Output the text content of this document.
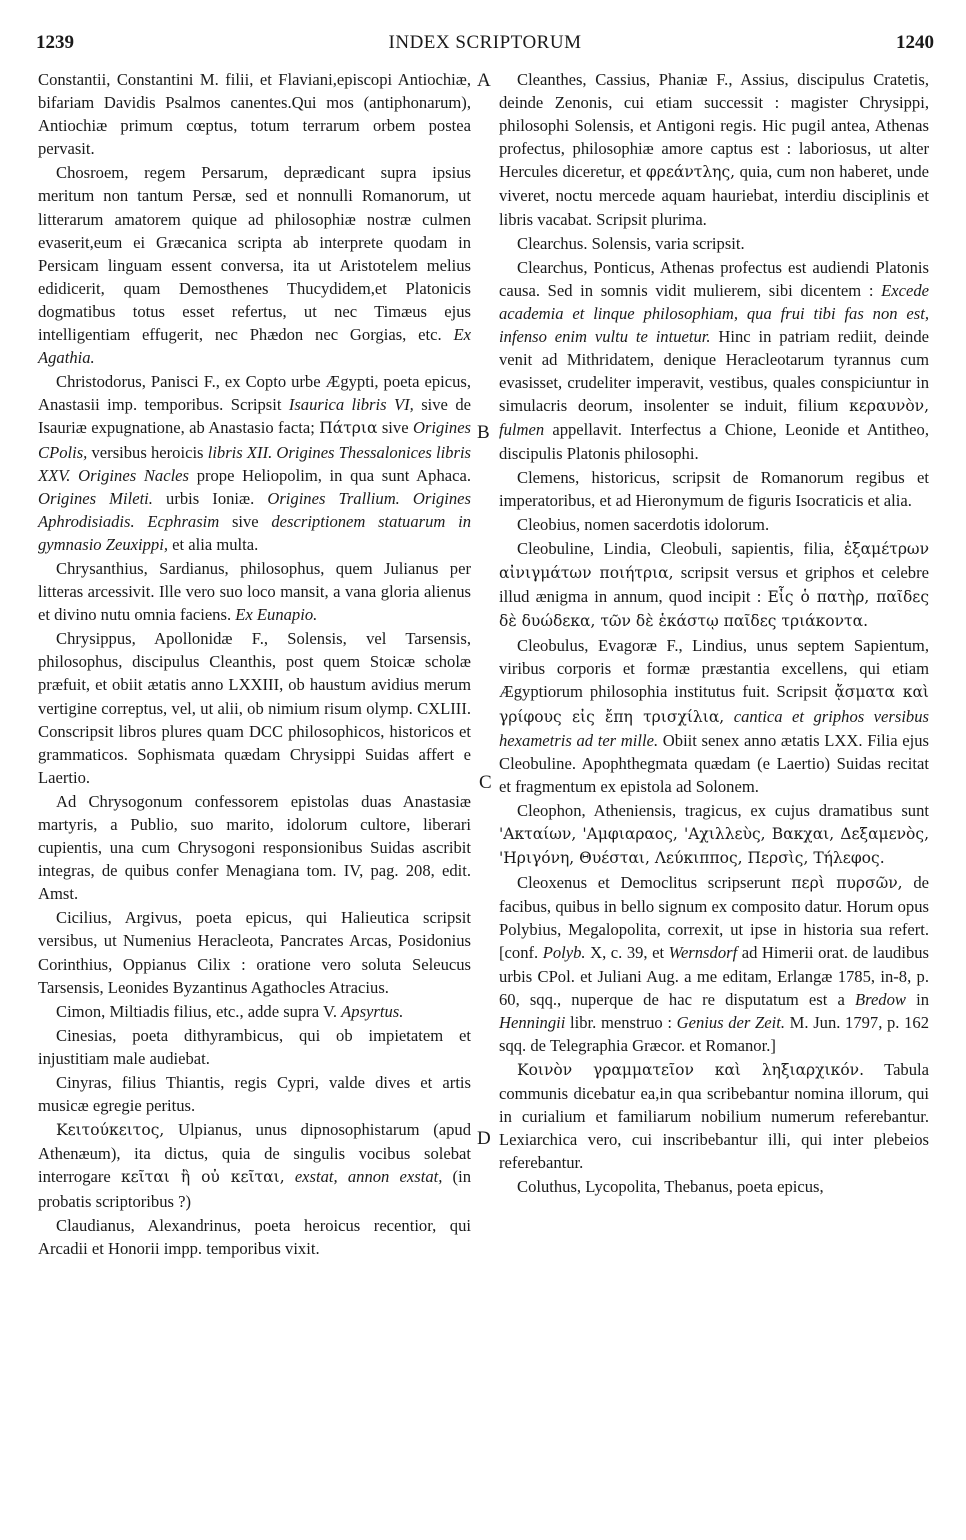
1239	INDEX SCRIPTORUM	1240
A
B
C
D

Constantii, Constantini M. filii, et Flaviani,episcopi Antiochiæ, bifariam Davidis Psalmos canentes.Qui mos (antiphonarum), Antiochiæ primum cœptus, totum terrarum orbem postea pervasit.

Chosroem, regem Persarum, deprædicant supra ipsius meritum non tantum Persæ, sed et nonnulli Romanorum, ut litterarum amatorem quique ad philosophiæ nostræ culmen evaserit,eum ei Græcanica scripta ab interprete quodam in Persicam linguam essent conversa, ita ut Aristotelem melius edidicerit, quam Demosthenes Thucydidem,et Platonicis dogmatibus totus esset refertus, ut nec Timæus ejus intelligentiam effugerit, nec Phædon nec Gorgias, etc. Ex Agathia.

Christodorus, Panisci F., ex Copto urbe Ægypti, poeta epicus, Anastasii imp. temporibus. Scripsit Isaurica libris VI, sive de Isauriæ expugnatione, ab Anastasio facta; Πάτρια sive Origines CPolis, versibus heroicis libris XII. Origines Thessalonices libris XXV. Origines Nacles prope Heliopolim, in qua sunt Aphaca. Origines Mileti. urbis Ioniæ. Origines Trallium. Origines Aphrodisiadis. Ecphrasim sive descriptionem statuarum in gymnasio Zeuxippi, et alia multa.

Chrysanthius, Sardianus, philosophus, quem Julianus per litteras arcessivit. Ille vero suo loco mansit, a vana gloria alienus et divino nutu omnia faciens. Ex Eunapio.

Chrysippus, Apollonidæ F., Solensis, vel Tarsensis, philosophus, discipulus Cleanthis, post quem Stoicæ scholæ præfuit, et obiit ætatis anno LXXIII, ob haustum avidius merum vertigine correptus, vel, ut alii, ob nimium risum olymp. CXLIII. Conscripsit libros plures quam DCC philosophicos, historicos et grammaticos. Sophismata quædam Chrysippi Suidas affert e Laertio.

Ad Chrysogonum confessorem epistolas duas Anastasiæ martyris, a Publio, suo marito, idolorum cultore, liberari cupientis, una cum Chrysogoni responsionibus Suidas ascribit integras, de quibus confer Menagiana tom. IV, pag. 208, edit. Amst.

Cicilius, Argivus, poeta epicus, qui Halieutica scripsit versibus, ut Numenius Heracleota, Pancrates Arcas, Posidonius Corinthius, Oppianus Cilix : oratione vero soluta Seleucus Tarsensis, Leonides Byzantinus Agathocles Atracius.

Cimon, Miltiadis filius, etc., adde supra V. Apsyrtus.

Cinesias, poeta dithyrambicus, qui ob impietatem et injustitiam male audiebat.

Cinyras, filius Thiantis, regis Cypri, valde dives et artis musicæ egregie peritus.

Κειτούκειτος, Ulpianus, unus dipnosophistarum (apud Athenæum), ita dictus, quia de singulis vocibus solebat interrogare κεῖται ἢ οὐ κεῖται, exstat, annon exstat, (in probatis scriptoribus ?)

Claudianus, Alexandrinus, poeta heroicus recentior, qui Arcadii et Honorii impp. temporibus vixit.

Cleanthes, Cassius, Phaniæ F., Assius, discipulus Cratetis, deinde Zenonis, cui etiam successit : magister Chrysippi, philosophi Solensis, et Antigoni regis. Hic pugil antea, Athenas profectus, philosophiæ amore captus est : laboriosus, ut alter Hercules diceretur, et φρεάντλης, quia, cum non haberet, unde viveret, noctu mercede aquam hauriebat, interdiu disciplinis et libris vacabat. Scripsit plurima.

Clearchus. Solensis, varia scripsit.

Clearchus, Ponticus, Athenas profectus est audiendi Platonis causa. Sed in somnis vidit mulierem, sibi dicentem : Excede academia et linque philosophiam, qua frui tibi fas non est, infenso enim vultu te intuetur. Hinc in patriam rediit, deinde venit ad Mithridatem, denique Heracleotarum tyrannus cum evasisset, crudeliter imperavit, vestibus, quales conspiciuntur in simulacris deorum, insolenter se induit, filium κεραυνὸν, fulmen appellavit. Interfectus a Chione, Leonide et Antitheo, discipulis Platonis philosophi.

Clemens, historicus, scripsit de Romanorum regibus et imperatoribus, et ad Hieronymum de figuris Isocraticis et alia.

Cleobius, nomen sacerdotis idolorum.

Cleobuline, Lindia, Cleobuli, sapientis, filia, ἑξαμέτρων αἰνιγμάτων ποιήτρια, scripsit versus et griphos et celebre illud ænigma in annum, quod incipit : Εἷς ὁ πατὴρ, παῖδες δὲ δυώδεκα, τῶν δὲ ἑκάστῳ παῖδες τριάκοντα.

Cleobulus, Evagoræ F., Lindius, unus septem Sapientum, viribus corporis et formæ præstantia excellens, qui etiam Ægyptiorum philosophia institutus fuit. Scripsit ᾄσματα καὶ γρίφους εἰς ἔπη τρισχίλια, cantica et griphos versibus hexametris ad ter mille. Obiit senex anno ætatis LXX. Filia ejus Cleobuline. Apophthegmata quædam (e Laertio) Suidas recitat et fragmentum ex epistola ad Solonem.

Cleophon, Atheniensis, tragicus, ex cujus dramatibus sunt 'Ακταίων, 'Αμφιαραος, 'Αχιλλεὺς, Βακχαι, Δεξαμενὸς, 'Ηριγόνη, Θυέσται, Λεύκιππος, Περσὶς, Τήλεφος.

Cleoxenus et Democlitus scripserunt περὶ πυρσῶν, de facibus, quibus in bello signum ex composito datur. Horum opus Polybius, Megalopolita, correxit, ut ipse in historia sua refert. [conf. Polyb. X, c. 39, et Wernsdorf ad Himerii orat. de laudibus urbis CPol. et Juliani Aug. a me editam, Erlangæ 1785, in-8, p. 60, sqq., nuperque de hac re disputatum est a Bredow in Henningii libr. menstruo : Genius der Zeit. M. Jun. 1797, p. 162 sqq. de Telegraphia Græcor. et Romanor.]

Κοινὸν γραμματεῖον καὶ ληξιαρχικόν. Tabula communis dicebatur ea,in qua scribebantur nomina illorum, qui in curialium et familiarum nobilium numerum referebantur. Lexiarchica vero, cui inscribebantur illi, qui inter plebeios referebantur.

Coluthus, Lycopolita, Thebanus, poeta epicus,
